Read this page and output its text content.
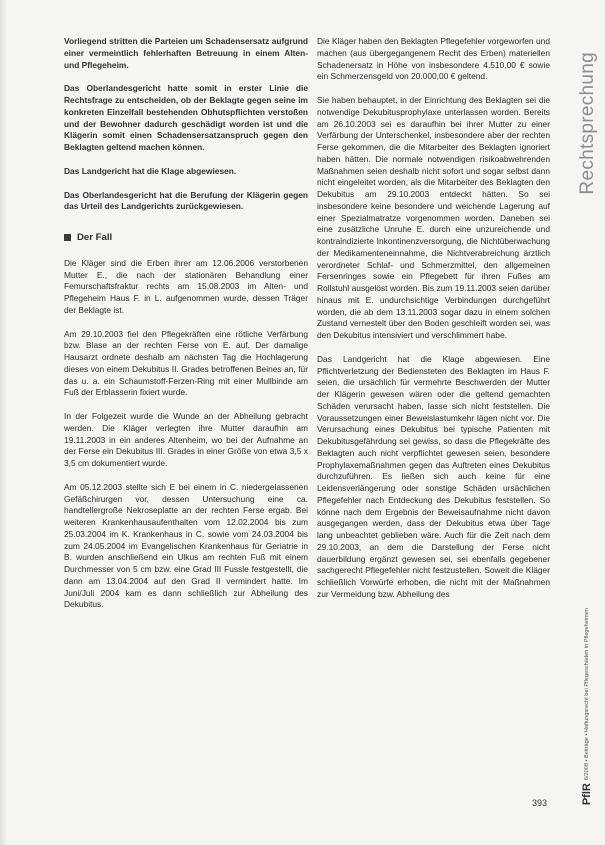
Vorliegend stritten die Parteien um Schadensersatz aufgrund einer vermeintlich fehlerhaften Betreuung in einem Alten- und Pflegeheim.

Das Oberlandesgericht hatte somit in erster Linie die Rechtsfrage zu entscheiden, ob der Beklagte gegen seine im konkreten Einzelfall bestehenden Obhutspflichten verstoßen und der Bewohner dadurch geschädigt worden ist und die Klägerin somit einen Schadensersatzanspruch gegen den Beklagten geltend machen können.

Das Landgericht hat die Klage abgewiesen.

Das Oberlandesgericht hat die Berufung der Klägerin gegen das Urteil des Landgerichts zurückgewiesen.

Der Fall

Die Kläger sind die Erben ihrer am 12.06.2006 verstorbenen Mutter E., die nach der stationären Behandlung einer Femurschaftsfraktur rechts am 15.08.2003 im Alten- und Pflegeheim Haus F. in L. aufgenommen wurde, dessen Träger der Beklagte ist.

Am 29.10.2003 fiel den Pflegekräften eine rötliche Verfärbung bzw. Blase an der rechten Ferse von E. auf. Der damalige Hausarzt ordnete deshalb am nächsten Tag die Hochlagerung dieses von einem Dekubitus II. Grades betroffenen Beines an, für das u. a. ein Schaumstoff-Ferzen-Ring mit einer Mullbinde am Fuß der Erblasserin fixiert wurde.

In der Folgezeit wurde die Wunde an der Abheilung gebracht werden. Die Kläger verlegten ihre Mutter daraufhin am 19.11.2003 in ein anderes Altenheim, wo bei der Aufnahme an der Ferse ein Dekubitus III. Grades in einer Größe von etwa 3,5 x 3,5 cm dokumentiert wurde.

Am 05.12.2003 stellte sich E bei einem in C. niedergelassenen Gefäßchirurgen vor, dessen Untersuchung eine ca. handtellergroße Nekroseplatte an der rechten Ferse ergab. Bei weiteren Krankenhausaufenthalten vom 12.02.2004 bis zum 25.03.2004 im K. Krankenhaus in C. sowie vom 24.03.2004 bis zum 24.05.2004 im Evangelischen Krankenhaus für Geriatrie in B. wurden anschließend ein Ulkus am rechten Fuß mit einem Durchmesser von 5 cm bzw. eine Grad III Fussle festgestellt, die dann am 13.04.2004 auf den Grad II vermindert hatte. Im Juni/Juli 2004 kam es dann schließlich zur Abheilung des Dekubitus.

Die Kläger haben den Beklagten Pflegefehler vorgeworfen und machen (aus übergegangenem Recht des Erben) materiellen Schadenersatz in Höhe von insbesondere 4.510,00 € sowie ein Schmerzensgeld von 20.000,00 € geltend.

Sie haben behauptet, in der Einrichtung des Beklagten sei die notwendige Dekubitusprophylaxe unterlassen worden. Bereits am 26.10.2003 sei es daraufhin bei ihrer Mutter zu einer Verfärbung der Unterschenkel, insbesondere aber der rechten Ferse gekommen, die die Mitarbeiter des Beklagten ignoriert haben hätten. Die normale notwendigen risikoabwehrenden Maßnahmen seien deshalb nicht sofort und sogar selbst dann nicht eingeleitet worden, als die Mitarbeiter des Beklagten den Dekubitus am 29.10.2003 entdeckt hätten. So sei insbesondere keine besondere und weichende Lagerung auf einer Spezialmatratze vorgenommen worden. Daneben sei eine zusätzliche Unruhe E. durch eine unzureichende und kontraindizierte Inkontinenzversorgung, die Nichtüberwachung der Medikamenteneinnahme, die Nichtverabreichung ärztlich verordneter Schlaf- und Schmerzmittel, den allgemeinen Fersenringes sowie ein Pflegebett für ihren Fußes am Rollstuhl ausgelöst worden. Bis zum 19.11.2003 seien darüber hinaus mit E. undurchsichtige Verbindungen durchgeführt worden, die ab dem 13.11.2003 sogar dazu in einem solchen Zustand vernestelt über den Boden geschleift worden sei, was den Dekubitus intensiviert und verschlimmert habe.

Das Landgericht hat die Klage abgewiesen. Eine Pflichtverletzung der Bediensteten des Beklagten im Haus F. seien, die ursächlich für vermehrte Beschwerden der Mutter der Klägerin gewesen wären oder die geltend gemachten Schäden verursacht haben, lasse sich nicht feststellen. Die Voraussetzungen einer Beweislastumkehr lägen nicht vor. Die Verursachung eines Dekubitus bei typische Patienten mit Dekubitusgefährdung sei gewiss, so dass die Pflegekräfte des Beklagten auch nicht verpflichtet gewesen seien, besondere Prophylaxemaßnahmen gegen das Auftreten eines Dekubitus durchzuführen. Es ließen sich auch keine für eine Leidensverlängerung oder sonstige Schäden ursächlichen Pflegefehler nach Entdeckung des Dekubitus feststellen. So könne nach dem Ergebnis der Beweisaufnahme nicht davon ausgegangen werden, dass der Dekubitus etwa über Tage lang unbeachtet geblieben wäre. Auch für die Zeit nach dem 29.10.2003, an dem die Darstellung der Ferse nicht dauerbildung ergänzt gewesen sei, sei ebenfalls gegebener sachgerecht Pflegefehler nicht festzustellen. Soweit die Kläger schließlich Vorwürfe erhoben, die nicht mit der Maßnahmen zur Vermeidung bzw. Abheilung des

Rechtsprechung
PflR
6/2008 • Beiträge • Haftungsrecht bei Pflegeschäden in Pflegeheimen
393
